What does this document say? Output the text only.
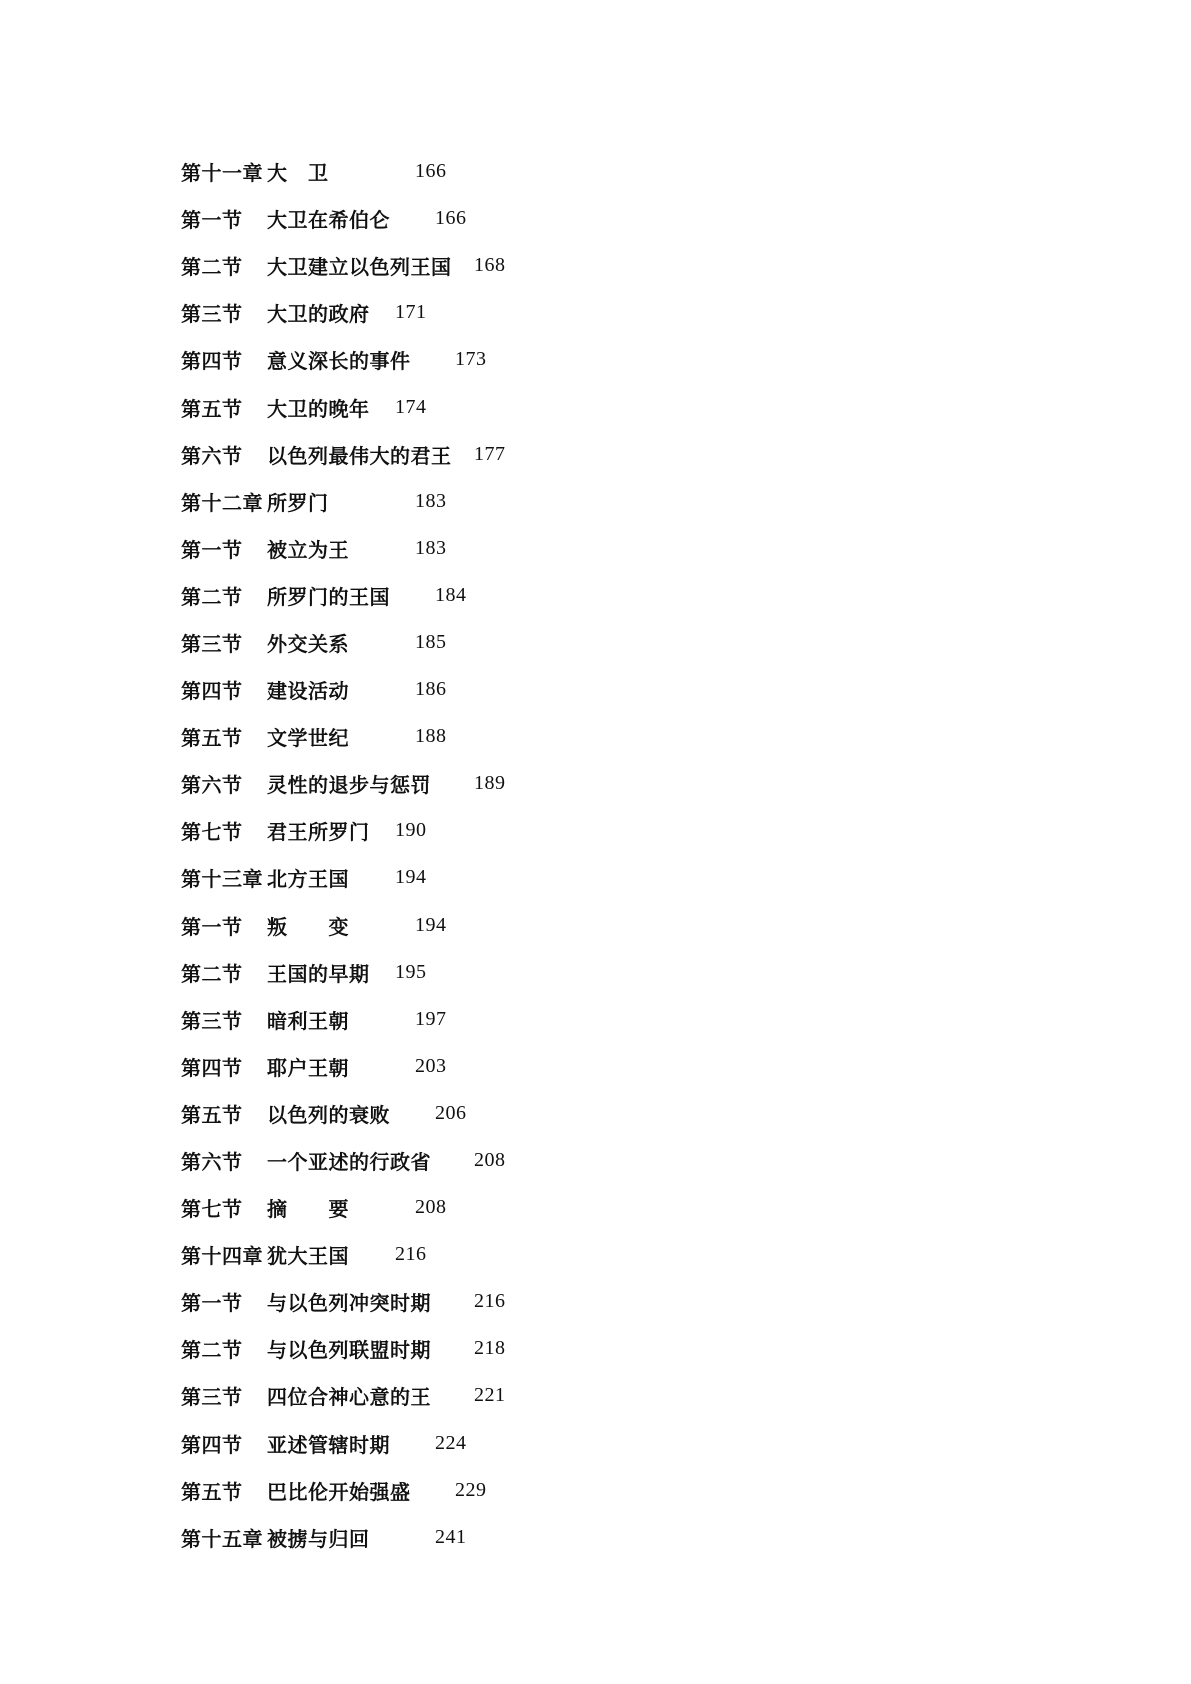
第十一章 大　卫	166
第一节	大卫在希伯仑	166
第二节	大卫建立以色列王国 168
第三节	大卫的政府	171
第四节	意义深长的事件	173
第五节	大卫的晚年	174
第六节	以色列最伟大的君王 177
第十二章 所罗门	183
第一节	被立为王	183
第二节	所罗门的王国	184
第三节	外交关系	185
第四节	建设活动	186
第五节	文学世纪	188
第六节	灵性的退步与惩罚	189
第七节	君王所罗门	190
第十三章 北方王国	194
第一节	叛　　变	194
第二节	王国的早期	195
第三节	暗利王朝	197
第四节	耶户王朝	203
第五节	以色列的衰败	206
第六节	一个亚述的行政省	208
第七节	摘　　要	208
第十四章 犹大王国	216
第一节	与以色列冲突时期	216
第二节	与以色列联盟时期	218
第三节	四位合神心意的王	221
第四节	亚述管辖时期	224
第五节	巴比伦开始强盛	229
第十五章 被掳与归回	241
